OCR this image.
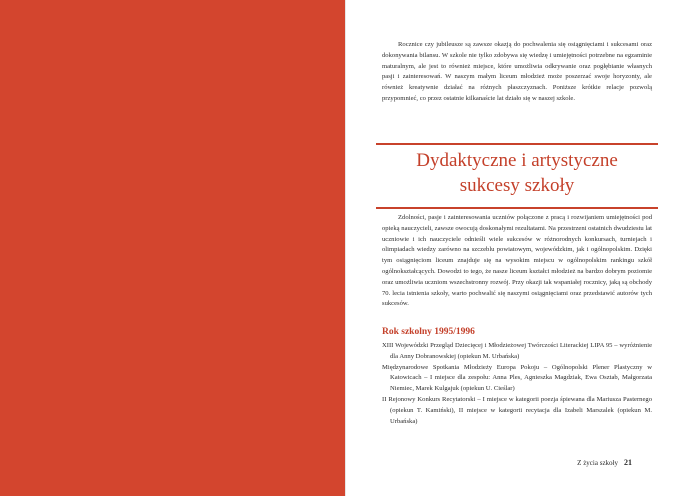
Rocznice czy jubileusze są zawsze okazją do pochwalenia się osiągnięciami i sukcesami oraz dokonywania bilansu. W szkole nie tylko zdobywa się wiedzę i umiejętności potrzebne na egzaminie maturalnym, ale jest to również miejsce, które umożliwia odkrywanie oraz pogłębianie własnych pasji i zainteresowań. W naszym małym liceum młodzież może poszerzać swoje horyzonty, ale również kreatywnie działać na różnych płaszczyznach. Poniższe krótkie relacje pozwolą przypomnieć, co przez ostatnie kilkanaście lat działo się w naszej szkole.

Dydaktyczne i artystyczne
sukcesy szkoły

Zdolności, pasje i zainteresowania uczniów połączone z pracą i rozwijaniem umiejętności pod opieką nauczycieli, zawsze owocują doskonałymi rezultatami. Na przestrzeni ostatnich dwudziestu lat uczniowie i ich nauczyciele odnieśli wiele sukcesów w różnorodnych konkursach, turniejach i olimpiadach wiedzy zarówno na szczeblu powiatowym, wojewódzkim, jak i ogólnopolskim. Dzięki tym osiągnięciom liceum znajduje się na wysokim miejscu w ogólnopolskim rankingu szkół ogólnokształcących. Dowodzi to tego, że nasze liceum kształci młodzież na bardzo dobrym poziomie oraz umożliwia uczniom wszechstronny rozwój. Przy okazji tak wspaniałej rocznicy, jaką są obchody 70. lecia istnienia szkoły, warto pochwalić się naszymi osiągnięciami oraz przedstawić autorów tych sukcesów.

Rok szkolny 1995/1996
XIII Wojewódzki Przegląd Dziecięcej i Młodzieżowej Twórczości Literackiej LIPA 95 – wyróżnienie dla Anny Dobranowskiej (opiekun M. Urbańska)
Międzynarodowe Spotkania Młodzieży Europa Pokoju – Ogólnopolski Plener Plastyczny w Katowicach – I miejsce dla zespołu: Anna Ples, Agnieszka Magdziak, Ewa Osztab, Małgorzata Niemiec, Marek Kulgajuk (opiekun U. Cieślar)
II Rejonowy Konkurs Recytatorski – I miejsce w kategorii poezja śpiewana dla Mariusza Pasternego (opiekun T. Kamiński), II miejsce w kategorii recytacja dla Izabeli Marszalek (opiekun M. Urbańska)
Z życia szkoły 21
